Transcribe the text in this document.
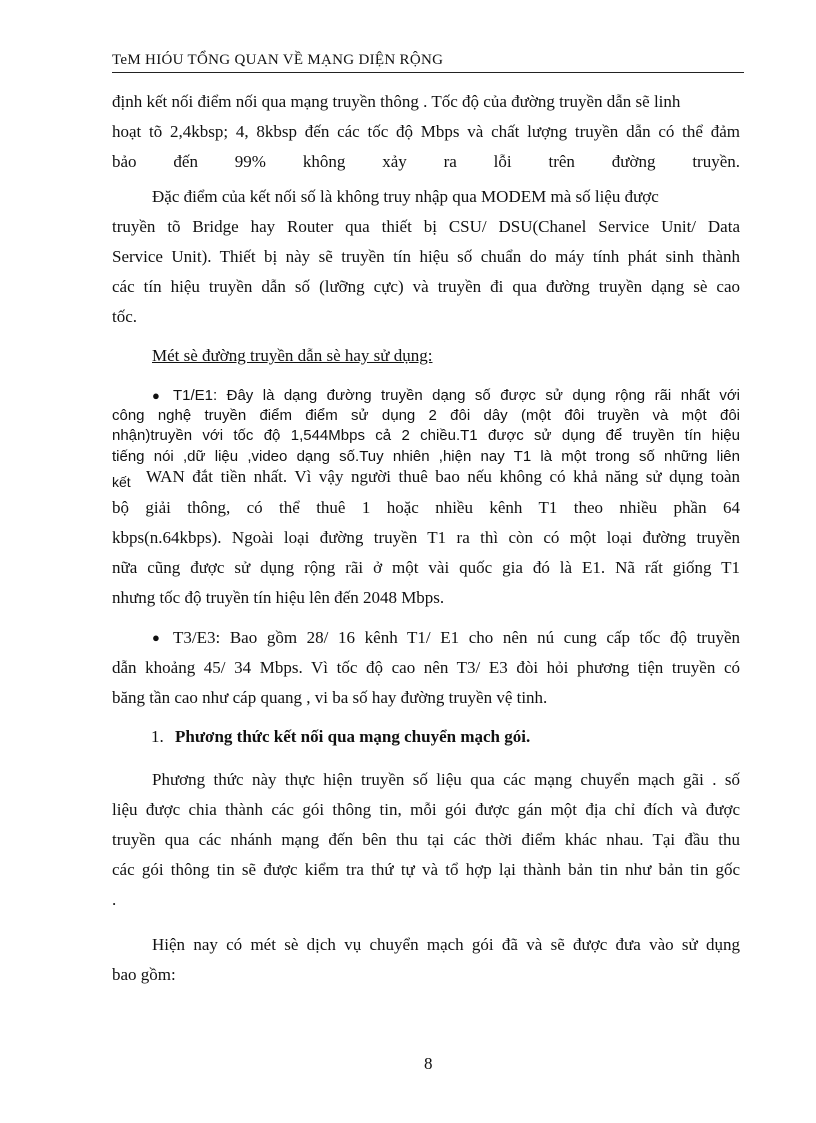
TeM HIÓU TỔNG QUAN VỀ MẠNG DIỆN RỘNG
định kết nối điểm nối qua mạng truyền thông . Tốc độ của đường truyền dẫn sẽ linh
hoạt tõ 2,4kbsp; 4, 8kbsp đến các tốc độ Mbps và chất lượng truyền dẫn có thể đảm
bảo đến 99% không xảy ra lỗi trên đường truyền.
Đặc điểm của kết nối số là không truy nhập qua MODEM mà số liệu được
truyền tõ Bridge hay Router qua thiết bị CSU/ DSU(Chanel Service Unit/ Data
Service Unit). Thiết bị này sẽ truyền tín hiệu số chuẩn do máy tính phát sinh thành
các tín hiệu truyền dẫn số (lưỡng cực) và truyền đi qua đường truyền dạng sè cao
tốc.
Mét sè đường truyền dẫn sè hay sử dụng:
● T1/E1: Đây là dạng đường truyền dạng số được sử dụng rộng rãi nhất với
công nghệ truyền điểm điểm sử dụng 2 đôi dây (một đôi truyền và một đôi
nhận)truyền với tốc độ 1,544Mbps cả 2 chiều.T1 được sử dụng để truyền tín hiệu
tiếng nói ,dữ liệu ,video dạng số.Tuy nhiên ,hiện nay T1 là một trong số những liên
kết WAN đắt tiền nhất. Vì vậy người thuê bao nếu không có khả năng sử dụng toàn
bộ giải thông, có thể thuê 1 hoặc nhiều kênh T1 theo nhiều phần 64
kbps(n.64kbps). Ngoài loại đường truyền T1 ra thì còn có một loại đường truyền
nữa cũng được sử dụng rộng rãi ở một vài quốc gia đó là E1. Nã rất giống T1
nhưng tốc độ truyền tín hiệu lên đến 2048 Mbps.
● T3/E3: Bao gồm 28/ 16 kênh T1/ E1 cho nên nú cung cấp tốc độ truyền
dẫn khoảng 45/ 34 Mbps. Vì tốc độ cao nên T3/ E3 đòi hỏi phương tiện truyền có
băng tần cao như cáp quang , vi ba số hay đường truyền vệ tinh.
1. Phương thức kết nối qua mạng chuyển mạch gói.
Phương thức này thực hiện truyền số liệu qua các mạng chuyển mạch gãi . số
liệu được chia thành các gói thông tin, mỗi gói được gán một địa chỉ đích và được
truyền qua các nhánh mạng đến bên thu tại các thời điểm khác nhau. Tại đầu thu
các gói thông tin sẽ được kiểm tra thứ tự và tổ hợp lại thành bản tin như bản tin gốc
.
Hiện nay có mét sè dịch vụ chuyển mạch gói đã và sẽ được đưa vào sử dụng
bao gồm:
8
